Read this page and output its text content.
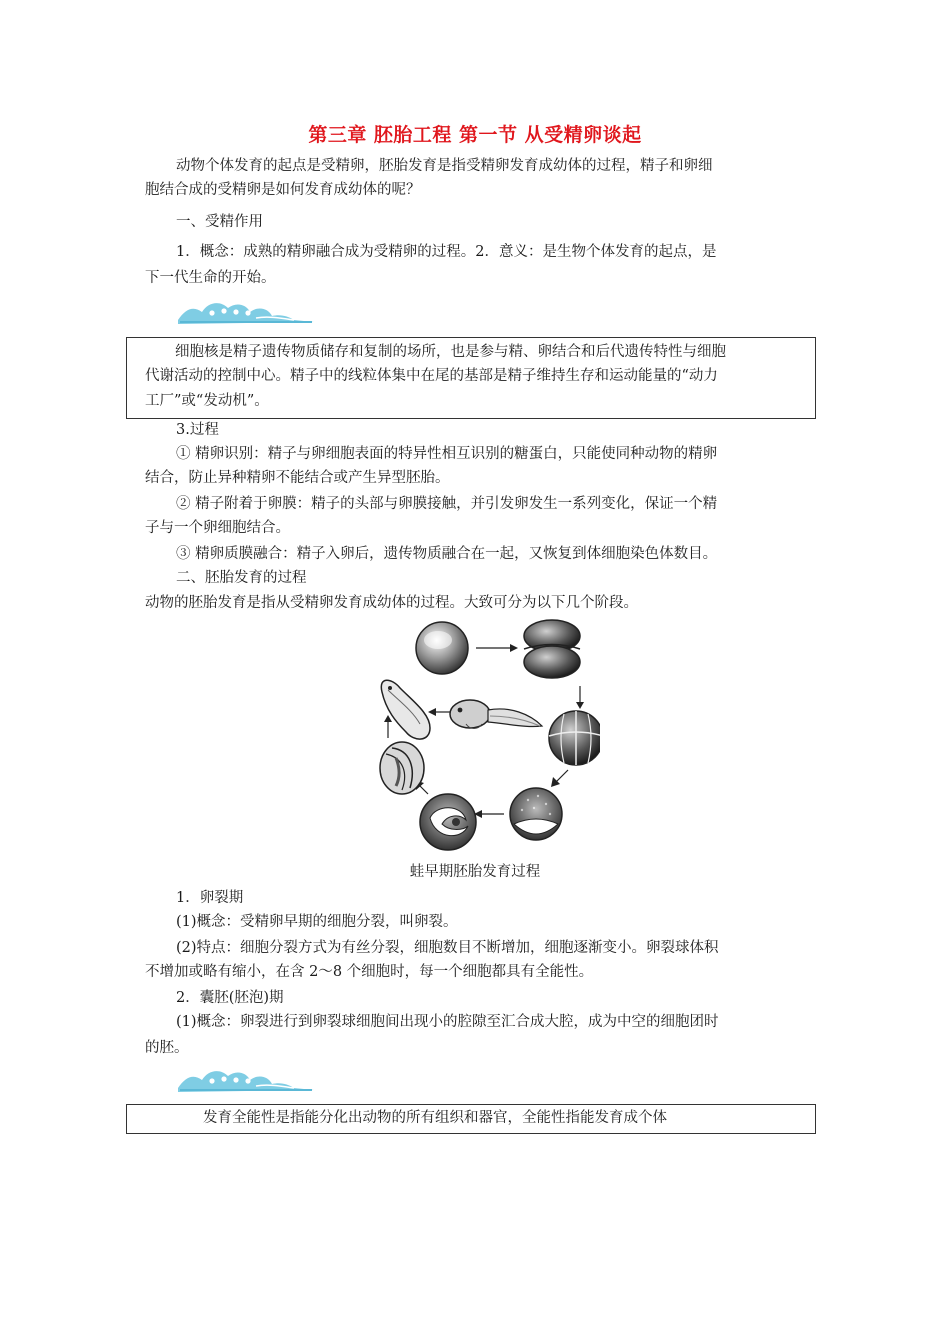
第三章 胚胎工程 第一节 从受精卵谈起
动物个体发育的起点是受精卵，胚胎发育是指受精卵发育成幼体的过程，精子和卵细
胞结合成的受精卵是如何发育成幼体的呢？
一、受精作用
1．概念：成熟的精卵融合成为受精卵的过程。2．意义：是生物个体发育的起点，是
下一代生命的开始。
细胞核是精子遗传物质储存和复制的场所，也是参与精、卵结合和后代遗传特性与细胞
代谢活动的控制中心。精子中的线粒体集中在尾的基部是精子维持生存和运动能量的“动力
工厂”或“发动机”。
3.过程
① 精卵识别：精子与卵细胞表面的特异性相互识别的糖蛋白，只能使同种动物的精卵
结合，防止异种精卵不能结合或产生异型胚胎。
② 精子附着于卵膜：精子的头部与卵膜接触，并引发卵发生一系列变化，保证一个精
子与一个卵细胞结合。
③ 精卵质膜融合：精子入卵后，遗传物质融合在一起，又恢复到体细胞染色体数目。
二、胚胎发育的过程
动物的胚胎发育是指从受精卵发育成幼体的过程。大致可分为以下几个阶段。
蛙早期胚胎发育过程
1．卵裂期
(1)概念：受精卵早期的细胞分裂，叫卵裂。
(2)特点：细胞分裂方式为有丝分裂，细胞数目不断增加，细胞逐渐变小。卵裂球体积
不增加或略有缩小，在含 2～8 个细胞时，每一个细胞都具有全能性。
2．囊胚(胚泡)期
(1)概念：卵裂进行到卵裂球细胞间出现小的腔隙至汇合成大腔，成为中空的细胞团时
的胚。
发育全能性是指能分化出动物的所有组织和器官，全能性指能发育成个体
